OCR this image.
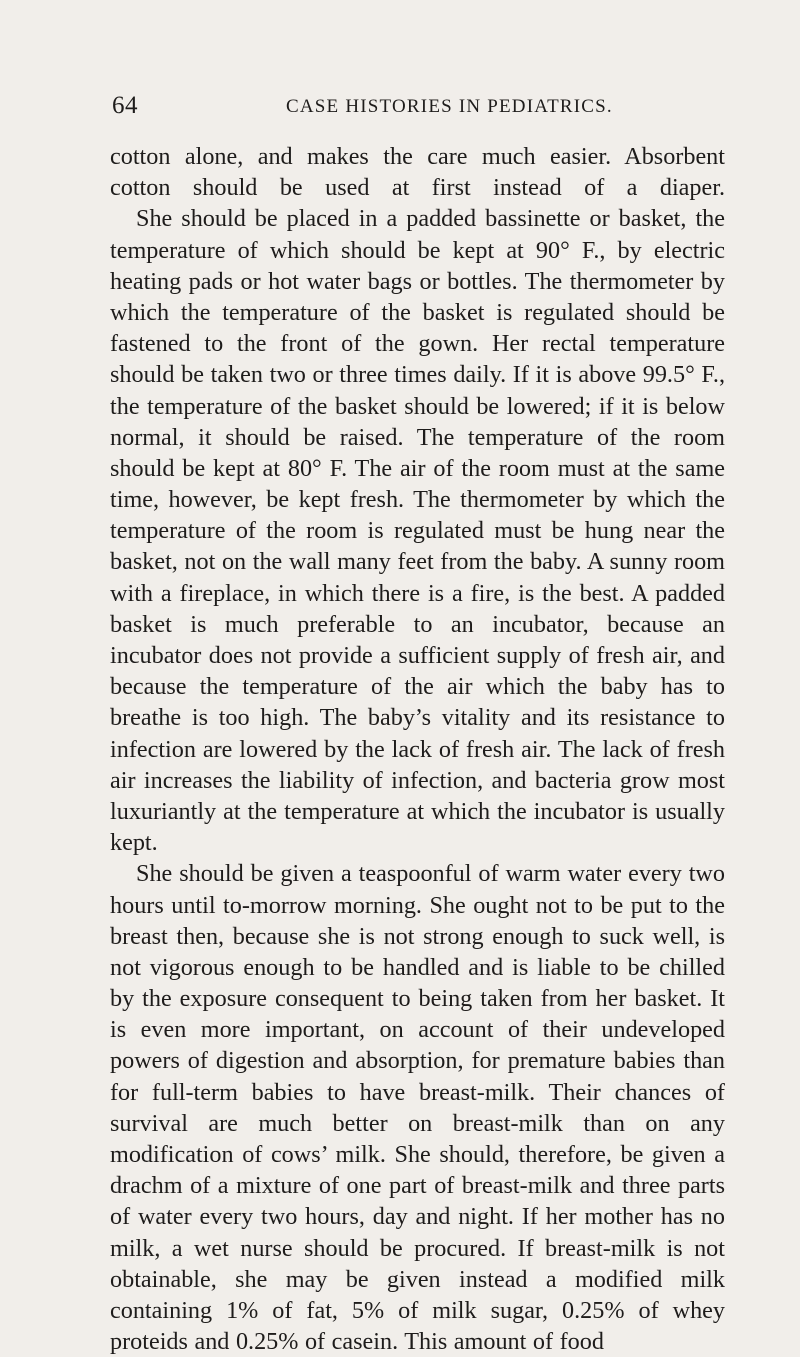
64	CASE HISTORIES IN PEDIATRICS.

cotton alone, and makes the care much easier. Absorbent cotton should be used at first instead of a diaper.

She should be placed in a padded bassinette or basket, the temperature of which should be kept at 90° F., by electric heating pads or hot water bags or bottles. The thermometer by which the temperature of the basket is regulated should be fastened to the front of the gown. Her rectal temperature should be taken two or three times daily. If it is above 99.5° F., the temperature of the basket should be lowered; if it is below normal, it should be raised. The temperature of the room should be kept at 80° F. The air of the room must at the same time, however, be kept fresh. The thermometer by which the temperature of the room is regulated must be hung near the basket, not on the wall many feet from the baby. A sunny room with a fireplace, in which there is a fire, is the best. A padded basket is much preferable to an incubator, because an incubator does not provide a sufficient supply of fresh air, and because the temperature of the air which the baby has to breathe is too high. The baby’s vitality and its resistance to infection are lowered by the lack of fresh air. The lack of fresh air increases the liability of infection, and bacteria grow most luxuriantly at the temperature at which the incubator is usually kept.

She should be given a teaspoonful of warm water every two hours until to-morrow morning. She ought not to be put to the breast then, because she is not strong enough to suck well, is not vigorous enough to be handled and is liable to be chilled by the exposure consequent to being taken from her basket. It is even more important, on account of their undeveloped powers of digestion and absorption, for premature babies than for full-term babies to have breast-milk. Their chances of survival are much better on breast-milk than on any modification of cows’ milk. She should, therefore, be given a drachm of a mixture of one part of breast-milk and three parts of water every two hours, day and night. If her mother has no milk, a wet nurse should be procured. If breast-milk is not obtainable, she may be given instead a modified milk containing 1% of fat, 5% of milk sugar, 0.25% of whey proteids and 0.25% of casein. This amount of food
